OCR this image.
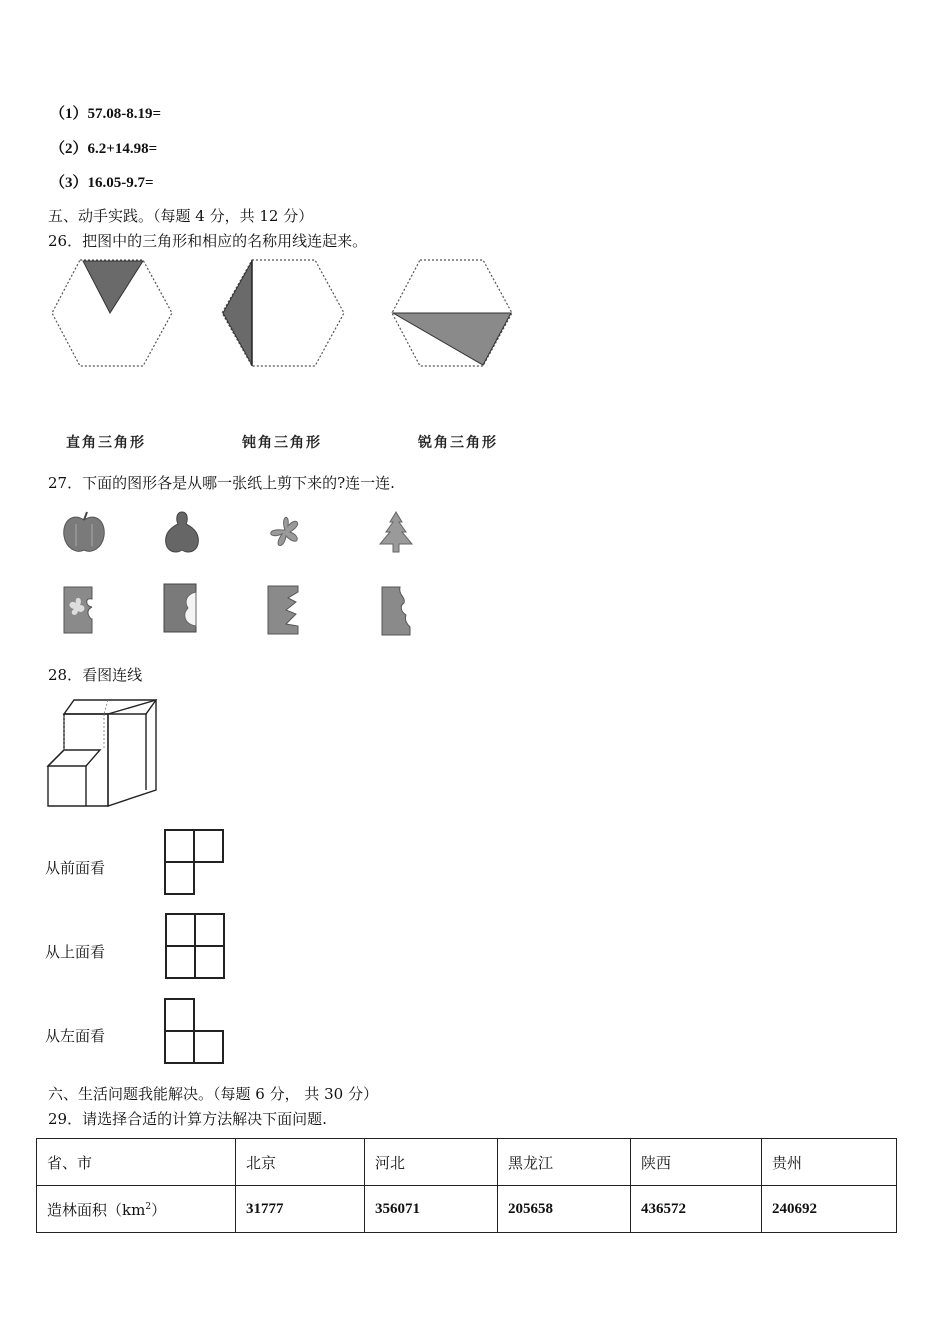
（1）57.08-8.19=
（2）6.2+14.98=
（3）16.05-9.7=
五、动手实践。（每题 4 分，共 12 分）
26．把图中的三角形和相应的名称用线连起来。
直角三角形	钝角三角形	锐角三角形
27．下面的图形各是从哪一张纸上剪下来的?连一连.
28．看图连线
从前面看
从上面看
从左面看
六、生活问题我能解决。（每题 6 分， 共 30 分）
29．请选择合适的计算方法解决下面问题.
省、市	北京	河北	黑龙江	陕西	贵州
造林面积$(km^2)$	31777	356071	205658	436572	240692
